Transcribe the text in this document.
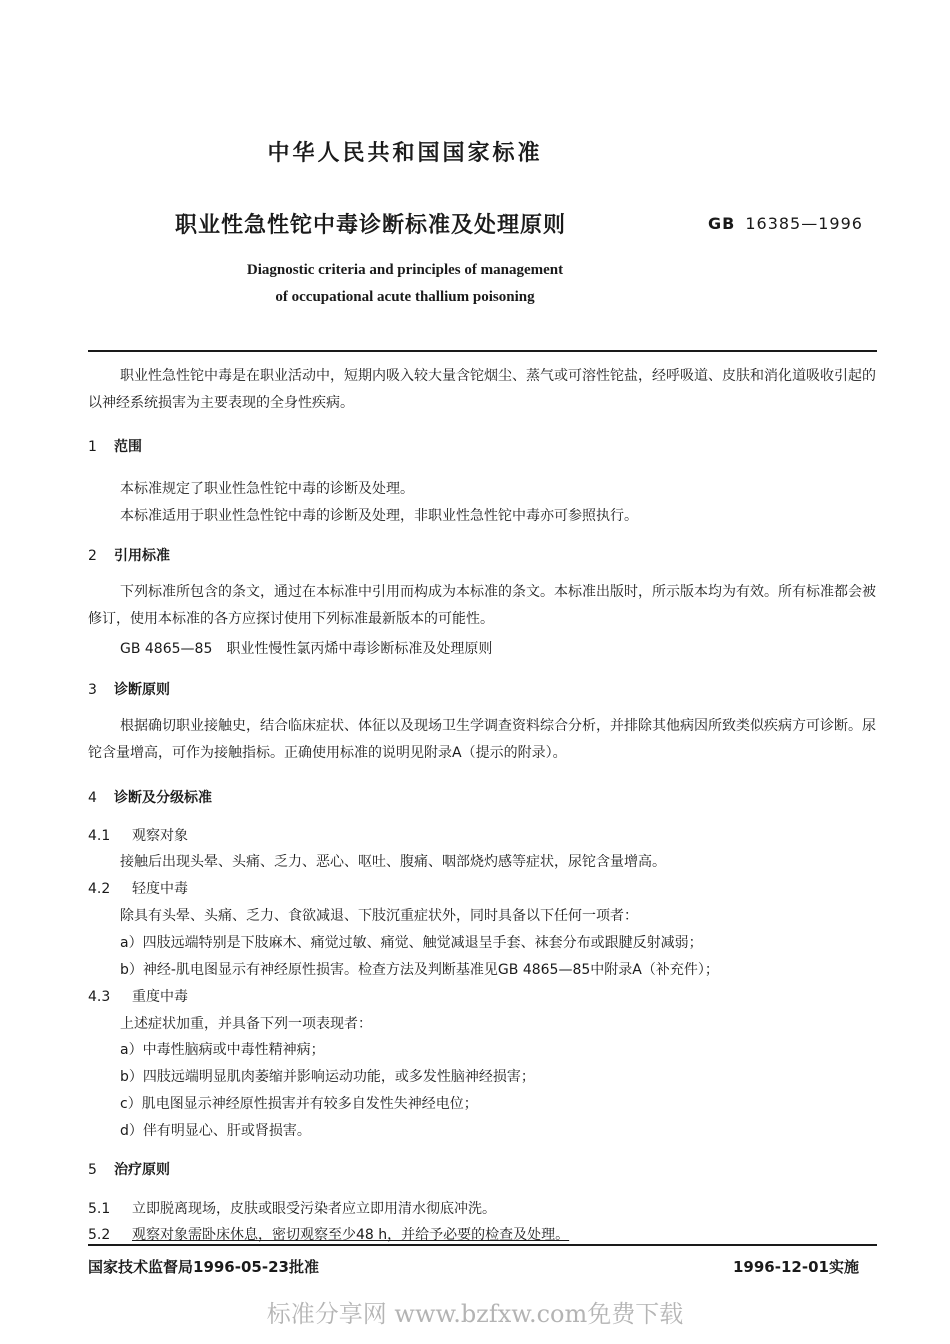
中华人民共和国国家标准
职业性急性铊中毒诊断标准及处理原则	GB 16385—1996
Diagnostic criteria and principles of management
of occupational acute thallium poisoning
职业性急性铊中毒是在职业活动中，短期内吸入较大量含铊烟尘、蒸气或可溶性铊盐，经呼吸道、皮肤和消化道吸收引起的以神经系统损害为主要表现的全身性疾病。
1 范围
本标准规定了职业性急性铊中毒的诊断及处理。
本标准适用于职业性急性铊中毒的诊断及处理，非职业性急性铊中毒亦可参照执行。
2 引用标准
下列标准所包含的条文，通过在本标准中引用而构成为本标准的条文。本标准出版时，所示版本均为有效。所有标准都会被修订，使用本标准的各方应探讨使用下列标准最新版本的可能性。
GB 4865—85　职业性慢性氯丙烯中毒诊断标准及处理原则
3 诊断原则
根据确切职业接触史，结合临床症状、体征以及现场卫生学调查资料综合分析，并排除其他病因所致类似疾病方可诊断。尿铊含量增高，可作为接触指标。正确使用标准的说明见附录A（提示的附录）。
4 诊断及分级标准
4.1 观察对象
接触后出现头晕、头痛、乏力、恶心、呕吐、腹痛、咽部烧灼感等症状，尿铊含量增高。
4.2 轻度中毒
除具有头晕、头痛、乏力、食欲减退、下肢沉重症状外，同时具备以下任何一项者：
a）四肢远端特别是下肢麻木、痛觉过敏、痛觉、触觉减退呈手套、袜套分布或跟腱反射减弱；
b）神经-肌电图显示有神经原性损害。检查方法及判断基准见GB 4865—85中附录A（补充件）；
4.3 重度中毒
上述症状加重，并具备下列一项表现者：
a）中毒性脑病或中毒性精神病；
b）四肢远端明显肌肉萎缩并影响运动功能，或多发性脑神经损害；
c）肌电图显示神经原性损害并有较多自发性失神经电位；
d）伴有明显心、肝或肾损害。
5 治疗原则
5.1 立即脱离现场，皮肤或眼受污染者应立即用清水彻底冲洗。
5.2 观察对象需卧床休息，密切观察至少48 h，并给予必要的检查及处理。
国家技术监督局1996-05-23批准	1996-12-01实施
标准分享网 www.bzfxw.com免费下载
